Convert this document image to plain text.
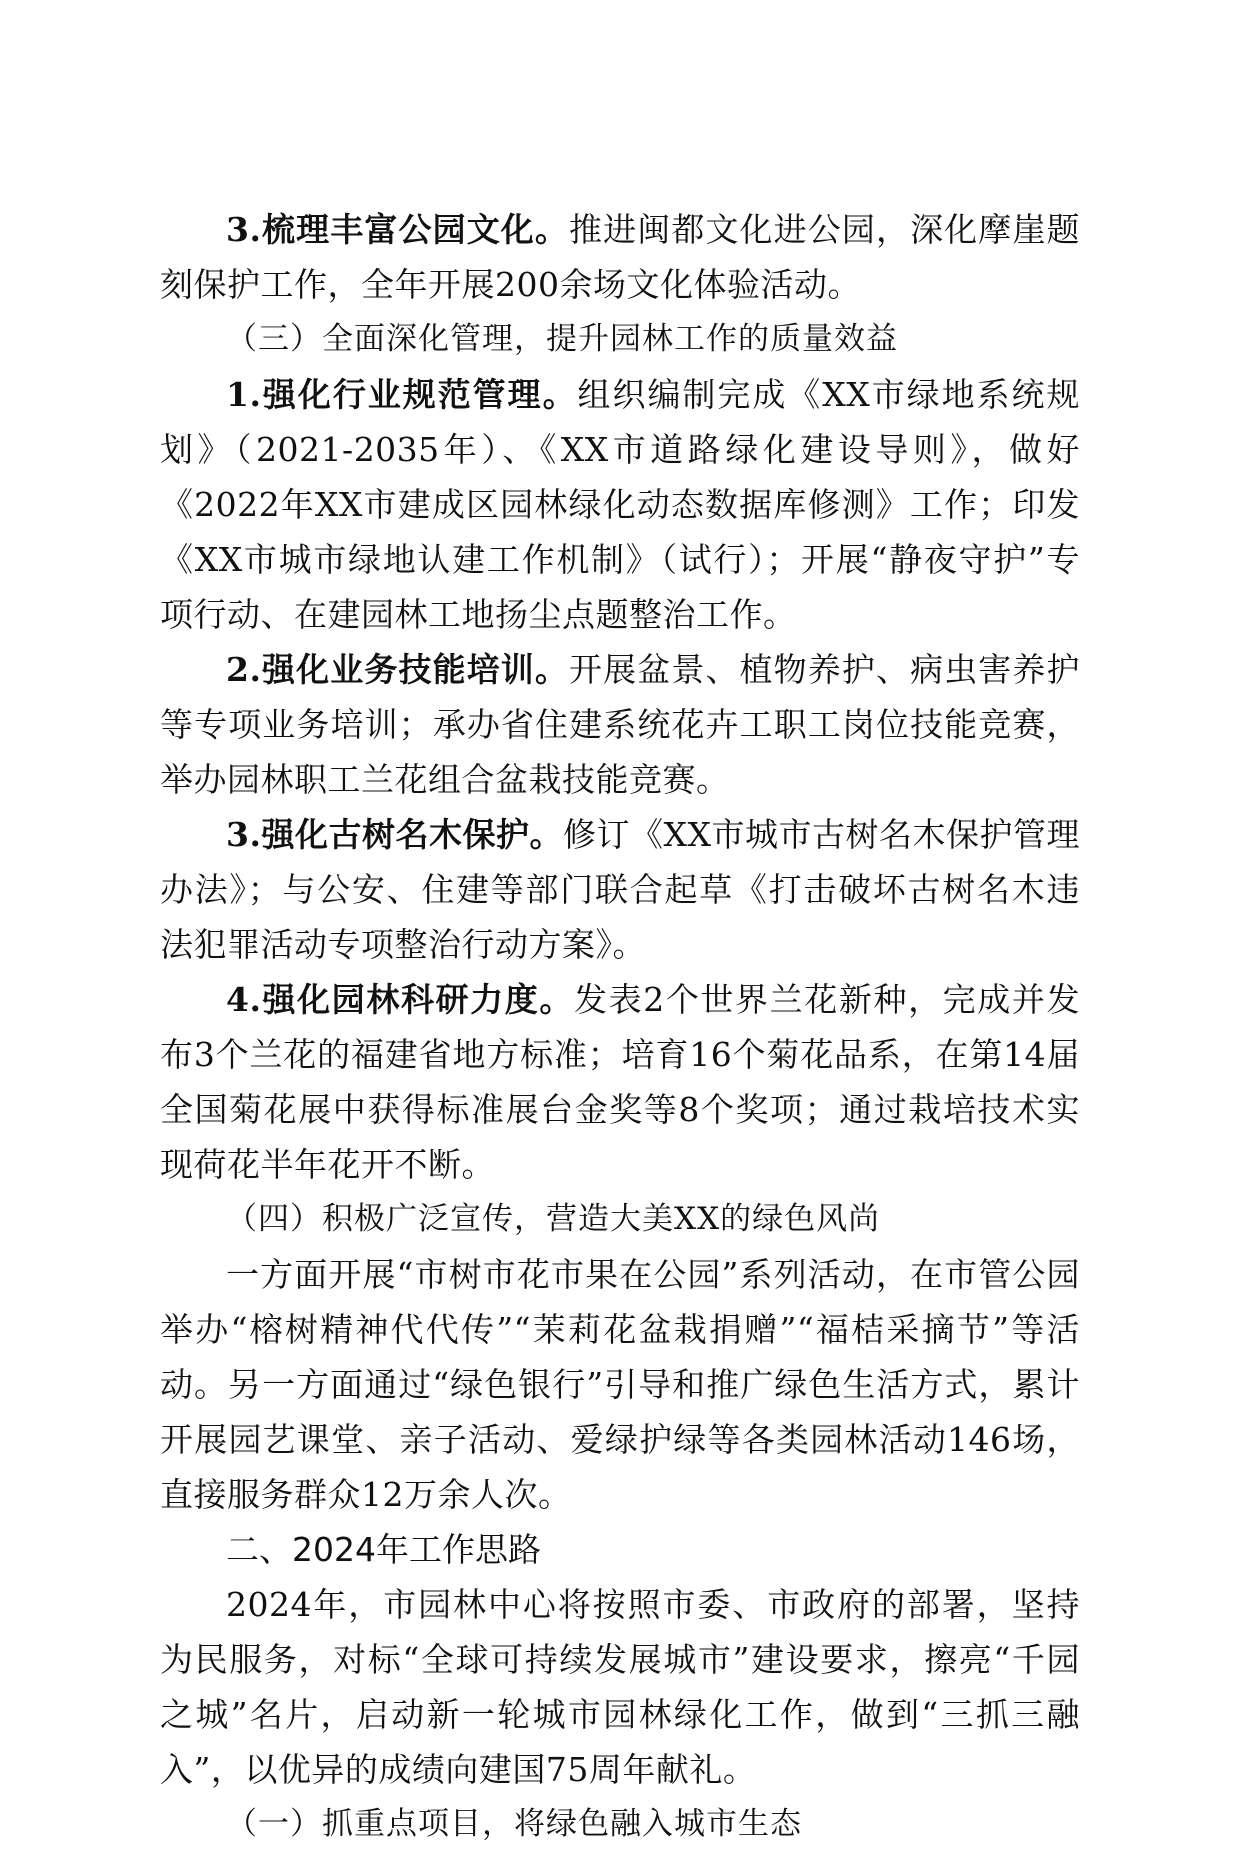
3.梳理丰富公园文化。推进闽都文化进公园，深化摩崖题刻保护工作，全年开展200余场文化体验活动。

（三）全面深化管理，提升园林工作的质量效益

1.强化行业规范管理。组织编制完成《XX市绿地系统规划》（2021-2035年）、《XX市道路绿化建设导则》，做好《2022年XX市建成区园林绿化动态数据库修测》工作；印发《XX市城市绿地认建工作机制》（试行）；开展“静夜守护”专项行动、在建园林工地扬尘点题整治工作。

2.强化业务技能培训。开展盆景、植物养护、病虫害养护等专项业务培训；承办省住建系统花卉工职工岗位技能竞赛，举办园林职工兰花组合盆栽技能竞赛。

3.强化古树名木保护。修订《XX市城市古树名木保护管理办法》；与公安、住建等部门联合起草《打击破坏古树名木违法犯罪活动专项整治行动方案》。

4.强化园林科研力度。发表2个世界兰花新种，完成并发布3个兰花的福建省地方标准；培育16个菊花品系，在第14届全国菊花展中获得标准展台金奖等8个奖项；通过栽培技术实现荷花半年花开不断。

（四）积极广泛宣传，营造大美XX的绿色风尚

一方面开展“市树市花市果在公园”系列活动，在市管公园举办“榕树精神代代传”“茉莉花盆栽捐赠”“福桔采摘节”等活动。另一方面通过“绿色银行”引导和推广绿色生活方式，累计开展园艺课堂、亲子活动、爱绿护绿等各类园林活动146场，直接服务群众12万余人次。

二、2024年工作思路

2024年，市园林中心将按照市委、市政府的部署，坚持为民服务，对标“全球可持续发展城市”建设要求，擦亮“千园之城”名片，启动新一轮城市园林绿化工作，做到“三抓三融入”，以优异的成绩向建国75周年献礼。

（一）抓重点项目，将绿色融入城市生态
